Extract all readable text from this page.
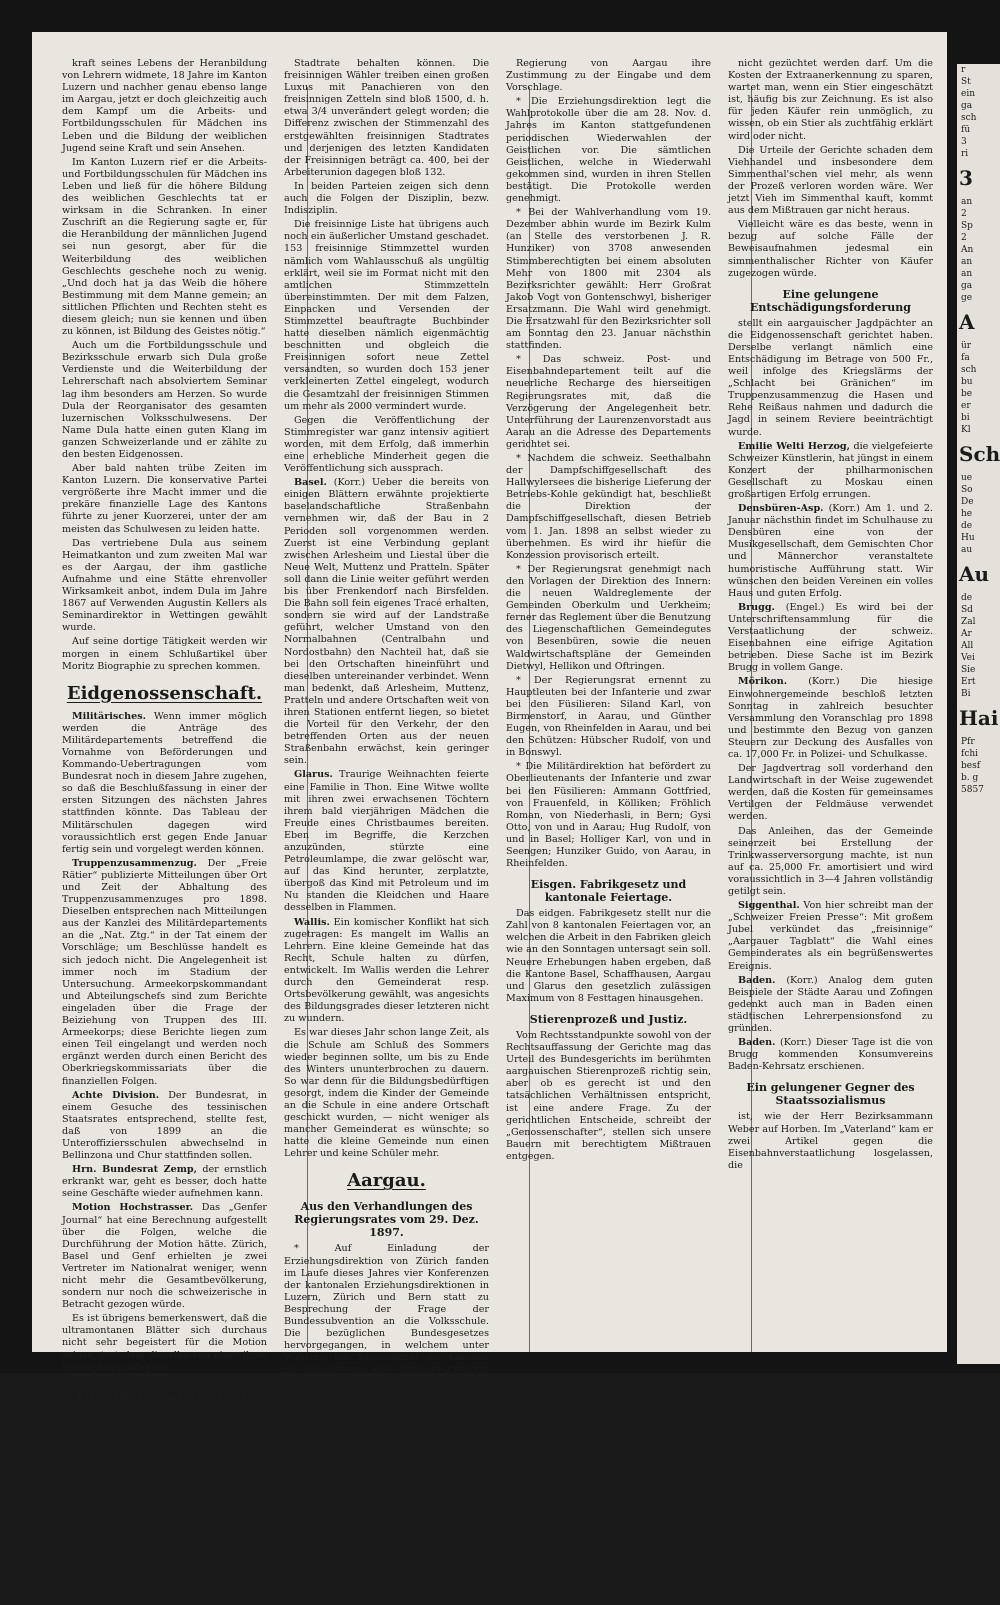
kraft seines Lebens der Heranbildung von Lehrern widmete, 18 Jahre im Kanton Luzern und nachher genau ebenso lange im Aargau, jetzt er doch gleichzeitig auch dem Kampf um die Arbeits- und Fortbildungsschulen für Mädchen ins Leben und die Bildung der weiblichen Jugend seine Kraft und sein Ansehen.

Im Kanton Luzern rief er die Arbeits- und Fortbildungsschulen für Mädchen ins Leben und ließ für die höhere Bildung des weiblichen Geschlechts tat er wirksam in die Schranken. In einer Zuschrift an die Regierung sagte er, für die Heranbildung der männlichen Jugend sei nun gesorgt, aber für die Weiterbildung des weiblichen Geschlechts geschehe noch zu wenig. „Und doch hat ja das Weib die höhere Bestimmung mit dem Manne gemein; an sittlichen Pflichten und Rechten steht es diesem gleich; nun sie kennen und üben zu können, ist Bildung des Geistes nötig.“

Auch um die Fortbildungsschule und Bezirksschule erwarb sich Dula große Verdienste und die Weiterbildung der Lehrerschaft nach absolviertem Seminar lag ihm besonders am Herzen. So wurde Dula der Reorganisator des gesamten luzernischen Volksschulwesens. Der Name Dula hatte einen guten Klang im ganzen Schweizerlande und er zählte zu den besten Eidgenossen.

Aber bald nahten trübe Zeiten im Kanton Luzern. Die konservative Partei vergrößerte ihre Macht immer und die prekäre finanzielle Lage des Kantons führte zu jener Kuorzerei, unter der am meisten das Schulwesen zu leiden hatte.

Das vertriebene Dula aus seinem Heimatkanton und zum zweiten Mal war es der Aargau, der ihm gastliche Aufnahme und eine Stätte ehrenvoller Wirksamkeit anbot, indem Dula im Jahre 1867 auf Verwenden Augustin Kellers als Seminardirektor in Wettingen gewählt wurde.

Auf seine dortige Tätigkeit werden wir morgen in einem Schlußartikel über Moritz Biographie zu sprechen kommen.

Eidgenossenschaft.

Militärisches. Wenn immer möglich werden die Anträge des Militärdepartements betreffend die Vornahme von Beförderungen und Kommando-Uebertragungen vom Bundesrat noch in diesem Jahre zugehen, so daß die Beschlußfassung in einer der ersten Sitzungen des nächsten Jahres stattfinden könnte. Das Tableau der Militärschulen dagegen wird voraussichtlich erst gegen Ende Januar fertig sein und vorgelegt werden können.

Truppenzusammenzug. Der „Freie Rätier“ publizierte Mitteilungen über Ort und Zeit der Abhaltung des Truppenzusammenzuges pro 1898. Dieselben entsprechen nach Mitteilungen aus der Kanzlei des Militärdepartements an die „Nat. Ztg.“ in der Tat einem der Vorschläge; um Beschlüsse handelt es sich jedoch nicht. Die Angelegenheit ist immer noch im Stadium der Untersuchung. Armeekorpskommandant und Abteilungschefs sind zum Berichte eingeladen über die Frage der Beiziehung von Truppen des III. Armeekorps; diese Berichte liegen zum einen Teil eingelangt und werden noch ergänzt werden durch einen Bericht des Oberkriegskommissariats über die finanziellen Folgen.

Achte Division. Der Bundesrat, in einem Gesuche des tessinischen Staatsrates entsprechend, stellte fest, daß von 1899 an die Unteroffiziersschulen abwechselnd in Bellinzona und Chur stattfinden sollen.

Hrn. Bundesrat Zemp, der ernstlich erkrankt war, geht es besser, doch hatte seine Geschäfte wieder aufnehmen kann.

Motion Hochstrasser. Das „Genfer Journal“ hat eine Berechnung aufgestellt über die Folgen, welche die Durchführung der Motion hätte. Zürich, Basel und Genf erhielten je zwei Vertreter im Nationalrat weniger, wenn nicht mehr die Gesamtbevölkerung, sondern nur noch die schweizerische in Betracht gezogen würde.

Es ist übrigens bemerkenswert, daß die ultramontanen Blätter sich durchaus nicht sehr begeistert für die Motion zeigen, trotzdem dieselbe von einer ihrer Parteigänger ausgeht.

Aus den Kantonen.

Bern.	Das Resultat der Stadtratswahlen zeigt ein sehr interessantes Bild. Die Freisinnigen haben eine ganz bedeutende Schlappe erlitten; auf ihrer Kosten und diejenigen der Konservativen haben die Sozialdemokraten einen neuen Gewinn; die Arbeiterunion (Partei Moor) zählt für sich allein jetzt beinahe mehr Stimmen als die der Vereinigten Konservativen und die Freisinnigen, wenn die Stadtratswahlen einen unanfechtbaren Maßstab bildeten. Ueberdies Jahr wird wohl darüber entschieden, ob die Freisinnigen sich aufraffen und die Mehrheit im

Stadtrate behalten können. Die freisinnigen Wähler treiben einen großen Luxus mit Panachieren von den freisinnigen Zetteln sind bloß 1500, d. h. etwa 3/4 unverändert gelegt worden; die Differenz zwischen der Stimmenzahl des erstgewählten freisinnigen Stadtrates und derjenigen des letzten Kandidaten der Freisinnigen beträgt ca. 400, bei der Arbeiterunion dagegen bloß 132.

In beiden Parteien zeigen sich denn auch die Folgen der Disziplin, bezw. Indisziplin.

Die freisinnige Liste hat übrigens auch noch ein äußerlicher Umstand geschadet. 153 freisinnige Stimmzettel wurden nämlich vom Wahlausschuß als ungültig erklärt, weil sie im Format nicht mit den amtlichen Stimmzetteln übereinstimmten. Der mit dem Falzen, Einpacken und Versenden der Stimmzettel beauftragte Buchbinder hatte dieselben nämlich eigenmächtig beschnitten und obgleich die Freisinnigen sofort neue Zettel versandten, so wurden doch 153 jener verkleinerten Zettel eingelegt, wodurch die Gesamtzahl der freisinnigen Stimmen um mehr als 2000 vermindert wurde.

Gegen die Veröffentlichung der Stimmregister war ganz intensiv agitiert worden, mit dem Erfolg, daß immerhin eine erhebliche Minderheit gegen die Veröffentlichung sich aussprach.

Basel. (Korr.) Ueber die bereits von einigen Blättern erwähnte projektierte baselandschaftliche Straßenbahn vernehmen wir, daß der Bau in 2 Perioden soll vorgenommen werden. Zuerst ist eine Verbindung geplant zwischen Arlesheim und Liestal über die Neue Welt, Muttenz und Pratteln. Später soll dann die Linie weiter geführt werden bis über Frenkendorf nach Birsfelden. Die Bahn soll fein eigenes Tracé erhalten, sondern sie wird auf der Landstraße geführt, welcher Umstand von den Normalbahnen (Centralbahn und Nordostbahn) den Nachteil hat, daß sie bei den Ortschaften hineinführt und dieselben untereinander verbindet. Wenn man bedenkt, daß Arlesheim, Muttenz, Pratteln und andere Ortschaften weit von ihren Stationen entfernt liegen, so bietet die Vorteil für den Verkehr, der den betreffenden Orten aus der neuen Straßenbahn erwächst, kein geringer sein.

Glarus. Traurige Weihnachten feierte eine Familie in Thon. Eine Witwe wollte mit ihren zwei erwachsenen Töchtern ihrem bald vierjährigen Mädchen die Freude eines Christbaumes bereiten. Eben im Begriffe, die Kerzchen anzuzünden, stürzte eine Petroleumlampe, die zwar gelöscht war, auf das Kind herunter, zerplatzte, übergoß das Kind mit Petroleum und im Nu standen die Kleidchen und Haare desselben in Flammen.

Wallis. Ein komischer Konflikt hat sich zugetragen: Es mangelt im Wallis an Lehrern. Eine kleine Gemeinde hat das Recht, Schule halten zu dürfen, entwickelt. Im Wallis werden die Lehrer durch den Gemeinderat resp. Ortsbevölkerung gewählt, was angesichts des Bildungsgrades dieser letzteren nicht zu wundern.

Es war dieses Jahr schon lange Zeit, als die Schule am Schluß des Sommers wieder beginnen sollte, um bis zu Ende des Winters ununterbrochen zu dauern. So war denn für die Bildungsbedürftigen gesorgt, indem die Kinder der Gemeinde an die Schule in eine andere Ortschaft geschickt wurden, — nicht weniger als mancher Gemeinderat es wünschte; so hatte die kleine Gemeinde nun einen Lehrer und keine Schüler mehr.

Aargau.
Aus den Verhandlungen des Regierungsrates vom 29. Dez. 1897.

* Auf Einladung der Erziehungsdirektion von Zürich fanden im Laufe dieses Jahres vier Konferenzen der kantonalen Erziehungsdirektionen in Luzern, Zürich und Bern statt zu Besprechung der Frage der Bundessubvention an die Volksschule. Die bezüglichen Bundesgesetzes hervorgegangen, in welchem unter Wahrung der Souveränität der Kantone im Schulwesen, eine Bundessubvention von Fr. 20 vorgesehen ist. Die Regierung von Zürich hat es übernommen die bezüglichen Eingaben an die Bundesbehörden auszuarbeiten und den übrigen Regierungen vorzulegen. Nachdem dies geschehen ist, erklärt die

Regierung von Aargau ihre Zustimmung zu der Eingabe und dem Vorschlage.

* Die Erziehungsdirektion legt die Wahlprotokolle über die am 28. Nov. d. Jahres im Kanton stattgefundenen periodischen Wiederwahlen der Geistlichen vor. Die sämtlichen Geistlichen, welche in Wiederwahl gekommen sind, wurden in ihren Stellen bestätigt. Die Protokolle werden genehmigt.

* Bei der Wahlverhandlung vom 19. Dezember abhin wurde im Bezirk Kulm (an Stelle des verstorbenen J. R. Hunziker) von 3708 anwesenden Stimmberechtigten bei einem absoluten Mehr von 1800 mit 2304 als Bezirksrichter gewählt: Herr Großrat Jakob Vogt von Gontenschwyl, bisheriger Ersatzmann. Die Wahl wird genehmigt. Die Ersatzwahl für den Bezirksrichter soll am Sonntag den 23. Januar nächsthin stattfinden.

* Das schweiz. Post- und Eisenbahndepartement teilt auf die neuerliche Recharge des hierseitigen Regierungsrates mit, daß die Verzögerung der Angelegenheit betr. Unterführung der Laurenzenvorstadt aus Aarau an die Adresse des Departements gerichtet sei.

* Nachdem die schweiz. Seethalbahn der Dampfschiffgesellschaft des Hallwylersees die bisherige Lieferung der Betriebs-Kohle gekündigt hat, beschließt die Direktion der Dampfschiffgesellschaft, diesen Betrieb vom 1. Jan. 1898 an selbst wieder zu übernehmen. Es wird ihr hiefür die Konzession provisorisch erteilt.

* Der Regierungsrat genehmigt nach den Vorlagen der Direktion des Innern: die neuen Waldreglemente der Gemeinden Oberkulm und Uerkheim; ferner das Reglement über die Benutzung des Liegenschaftlichen Gemeindegutes von Besenbüren, sowie die neuen Waldwirtschaftspläne der Gemeinden Dietwyl, Hellikon und Oftringen.

* Der Regierungsrat ernennt zu Hauptleuten bei der Infanterie und zwar bei den Füsilieren: Siland Karl, von Birmenstorf, in Aarau, und Günther Eugen, von Rheinfelden in Aarau, und bei den Schützen: Hübscher Rudolf, von und in Bonswyl.

* Die Militärdirektion hat befördert zu Oberlieutenants der Infanterie und zwar bei den Füsilieren: Ammann Gottfried, von Frauenfeld, in Kölliken; Fröhlich Roman, von Niederhasli, in Bern; Gysi Otto, von und in Aarau; Hug Rudolf, von und in Basel; Holliger Karl, von und in Seengen; Hunziker Guido, von Aarau, in Rheinfelden.

Eisgen. Fabrikgesetz und kantonale Feiertage.

Das eidgen. Fabrikgesetz stellt nur die Zahl von 8 kantonalen Feiertagen vor, an welchen die Arbeit in den Fabriken gleich wie an den Sonntagen untersagt sein soll. Neuere Erhebungen haben ergeben, daß die Kantone Basel, Schaffhausen, Aargau und Glarus den gesetzlich zulässigen Maximum von 8 Festtagen hinausgehen.

Stierenprozeß und Justiz.

Vom Rechtsstandpunkte sowohl von der Rechtsauffassung der Gerichte mag das Urteil des Bundesgerichts im berühmten aargauischen Stierenprozeß richtig sein, aber ob es gerecht ist und den tatsächlichen Verhältnissen entspricht, ist eine andere Frage. Zu der gerichtlichen Entscheide, schreibt der „Genossenschafter“, stellen sich unsere Bauern mit berechtigtem Mißtrauen entgegen.

nicht gezüchtet werden darf. Um die Kosten der Extraanerkennung zu sparen, wartet man, wenn ein Stier eingeschätzt ist, häufig bis zur Zeichnung. Es ist also für jeden Käufer rein unmöglich, zu wissen, ob ein Stier als zuchtfähig erklärt wird oder nicht.

Die Urteile der Gerichte schaden dem Viehhandel und insbesondere dem Simmenthal'schen viel mehr, als wenn der Prozeß verloren worden wäre. Wer jetzt Vieh im Simmenthal kauft, kommt aus dem Mißtrauen gar nicht heraus.

Vielleicht wäre es das beste, wenn in bezug auf solche Fälle der Beweisaufnahmen jedesmal ein simmenthalischer Richter von Käufer zugezogen würde.

Eine gelungene Entschädigungsforderung

stellt ein aargauischer Jagdpächter an die Eidgenossenschaft gerichtet haben. Derselbe verlangt nämlich eine Entschädigung im Betrage von 500 Fr., weil infolge des Kriegslärms der „Schlacht bei Gränichen“ im Truppenzusammenzug die Hasen und Rehe Reißaus nahmen und dadurch die Jagd in seinem Reviere beeinträchtigt wurde.

Emilie Welti Herzog, die vielgefeierte Schweizer Künstlerin, hat jüngst in einem Konzert der philharmonischen Gesellschaft zu Moskau einen großartigen Erfolg errungen.

Densbüren-Asp. (Korr.) Am 1. und 2. Januar nächsthin findet im Schulhause zu Densbüren eine von der Musikgesellschaft, dem Gemischten Chor und Männerchor veranstaltete humoristische Aufführung statt. Wir wünschen den beiden Vereinen ein volles Haus und guten Erfolg.

Brugg. (Engel.) Es wird bei der Unterschriftensammlung für die Verstaatlichung der schweiz. Eisenbahnen eine eifrige Agitation betrieben. Diese Sache ist im Bezirk Brugg in vollem Gange.

Mörikon. (Korr.) Die hiesige Einwohnergemeinde beschloß letzten Sonntag in zahlreich besuchter Versammlung den Voranschlag pro 1898 und bestimmte den Bezug von ganzen Steuern zur Deckung des Ausfalles von ca. 17,000 Fr. in Polizei- und Schulkasse.

Der Jagdvertrag soll vorderhand den Landwirtschaft in der Weise zugewendet werden, daß die Kosten für gemeinsames Vertilgen der Feldmäuse verwendet werden.

Das Anleihen, das der Gemeinde seinerzeit bei Erstellung der Trinkwasserversorgung machte, ist nun auf ca. 25,000 Fr. amortisiert und wird voraussichtlich in 3—4 Jahren vollständig getilgt sein.

Siggenthal. Von hier schreibt man der „Schweizer Freien Presse“: Mit großem Jubel verkündet das „freisinnige“ „Aargauer Tagblatt“ die Wahl eines Gemeinderates als ein begrüßenswertes Ereignis.

Baden. (Korr.) Analog dem guten Beispiele der Städte Aarau und Zofingen gedenkt auch man in Baden einen städtischen Lehrerpensionsfond zu gründen.

Baden. (Korr.) Dieser Tage ist die von Brugg kommenden Konsumvereins Baden-Kehrsatz erschienen.

Ein gelungener Gegner des Staatssozialismus

ist, wie der Herr Bezirksammann Weber auf Horben. Im „Vaterland“ kam er zwei Artikel gegen die Eisenbahnverstaatlichung losgelassen, die

r
St
ein
ga
sch
fü
3
ri
3
an
2
Sp
2
An
an
an
ga
ge
A
ür
fa
sch
bu
be
er
bi
Kl
Sch
ue
So
De
he
de
Hu
au
Au
de
Sd
Zal
Ar
All
Vei
Sie
Ert
Bi
Hai
Pfr
fchi
besf
b. g
5857
